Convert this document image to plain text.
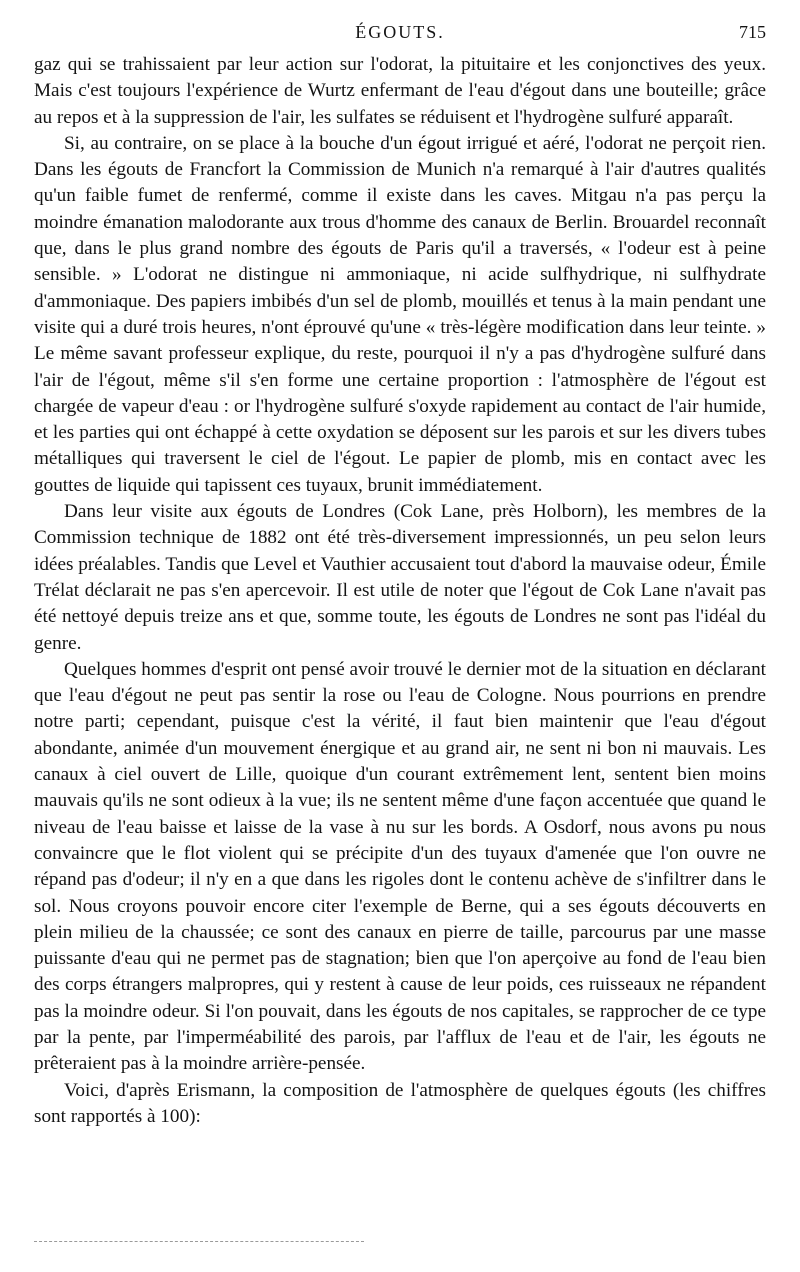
ÉGOUTS.	715

gaz qui se trahissaient par leur action sur l'odorat, la pituitaire et les conjonctives des yeux. Mais c'est toujours l'expérience de Wurtz enfermant de l'eau d'égout dans une bouteille; grâce au repos et à la suppression de l'air, les sulfates se réduisent et l'hydrogène sulfuré apparaît.

Si, au contraire, on se place à la bouche d'un égout irrigué et aéré, l'odorat ne perçoit rien. Dans les égouts de Francfort la Commission de Munich n'a remarqué à l'air d'autres qualités qu'un faible fumet de renfermé, comme il existe dans les caves. Mitgau n'a pas perçu la moindre émanation malodorante aux trous d'homme des canaux de Berlin. Brouardel reconnaît que, dans le plus grand nombre des égouts de Paris qu'il a traversés, « l'odeur est à peine sensible. » L'odorat ne distingue ni ammoniaque, ni acide sulfhydrique, ni sulfhydrate d'ammoniaque. Des papiers imbibés d'un sel de plomb, mouillés et tenus à la main pendant une visite qui a duré trois heures, n'ont éprouvé qu'une « très-légère modification dans leur teinte. » Le même savant professeur explique, du reste, pourquoi il n'y a pas d'hydrogène sulfuré dans l'air de l'égout, même s'il s'en forme une certaine proportion : l'atmosphère de l'égout est chargée de vapeur d'eau : or l'hydrogène sulfuré s'oxyde rapidement au contact de l'air humide, et les parties qui ont échappé à cette oxydation se déposent sur les parois et sur les divers tubes métalliques qui traversent le ciel de l'égout. Le papier de plomb, mis en contact avec les gouttes de liquide qui tapissent ces tuyaux, brunit immédiatement.

Dans leur visite aux égouts de Londres (Cok Lane, près Holborn), les membres de la Commission technique de 1882 ont été très-diversement impressionnés, un peu selon leurs idées préalables. Tandis que Level et Vauthier accusaient tout d'abord la mauvaise odeur, Émile Trélat déclarait ne pas s'en apercevoir. Il est utile de noter que l'égout de Cok Lane n'avait pas été nettoyé depuis treize ans et que, somme toute, les égouts de Londres ne sont pas l'idéal du genre.

Quelques hommes d'esprit ont pensé avoir trouvé le dernier mot de la situation en déclarant que l'eau d'égout ne peut pas sentir la rose ou l'eau de Cologne. Nous pourrions en prendre notre parti; cependant, puisque c'est la vérité, il faut bien maintenir que l'eau d'égout abondante, animée d'un mouvement énergique et au grand air, ne sent ni bon ni mauvais. Les canaux à ciel ouvert de Lille, quoique d'un courant extrêmement lent, sentent bien moins mauvais qu'ils ne sont odieux à la vue; ils ne sentent même d'une façon accentuée que quand le niveau de l'eau baisse et laisse de la vase à nu sur les bords. A Osdorf, nous avons pu nous convaincre que le flot violent qui se précipite d'un des tuyaux d'amenée que l'on ouvre ne répand pas d'odeur; il n'y en a que dans les rigoles dont le contenu achève de s'infiltrer dans le sol. Nous croyons pouvoir encore citer l'exemple de Berne, qui a ses égouts découverts en plein milieu de la chaussée; ce sont des canaux en pierre de taille, parcourus par une masse puissante d'eau qui ne permet pas de stagnation; bien que l'on aperçoive au fond de l'eau bien des corps étrangers malpropres, qui y restent à cause de leur poids, ces ruisseaux ne répandent pas la moindre odeur. Si l'on pouvait, dans les égouts de nos capitales, se rapprocher de ce type par la pente, par l'imperméabilité des parois, par l'afflux de l'eau et de l'air, les égouts ne prêteraient pas à la moindre arrière-pensée.

Voici, d'après Erismann, la composition de l'atmosphère de quelques égouts (les chiffres sont rapportés à 100):
